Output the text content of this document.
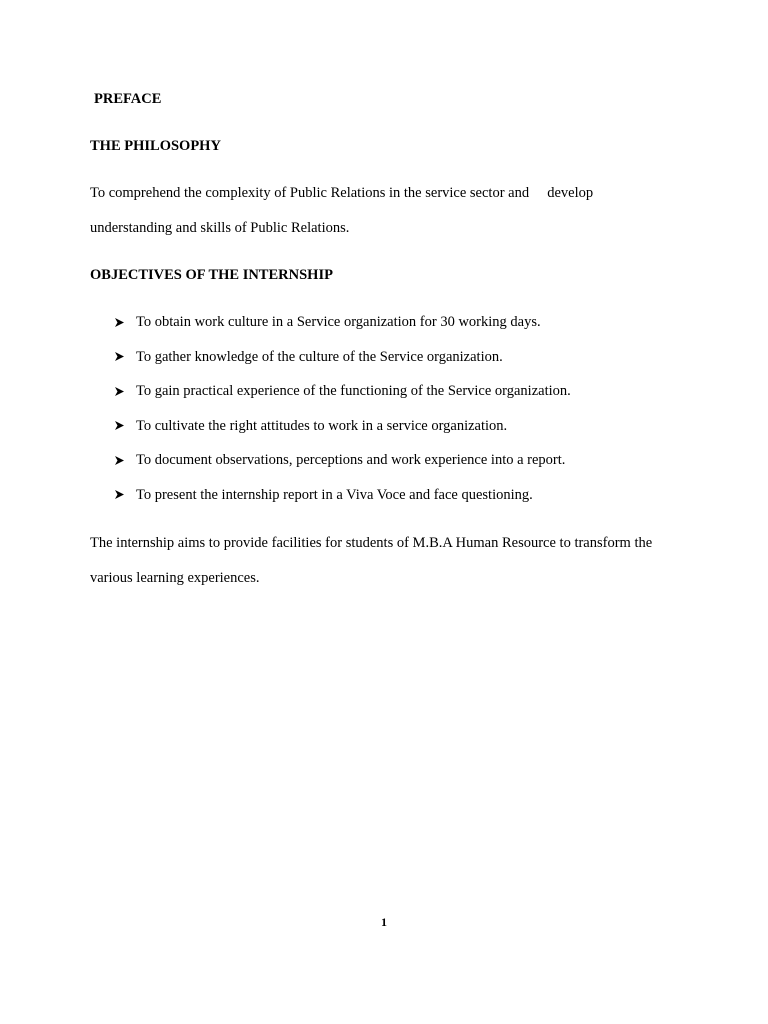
PREFACE

THE PHILOSOPHY

To comprehend the complexity of Public Relations in the service sector and     develop

understanding and skills of Public Relations.

OBJECTIVES OF THE INTERNSHIP

To obtain work culture in a Service organization for 30 working days.
To gather knowledge of the culture of the Service organization.
To gain practical experience of the functioning of the Service organization.
To cultivate the right attitudes to work in a service organization.
To document observations, perceptions and work experience into a report.
To present the internship report in a Viva Voce and face questioning.

The internship aims to provide facilities for students of M.B.A Human Resource to transform the

various learning experiences.

1
